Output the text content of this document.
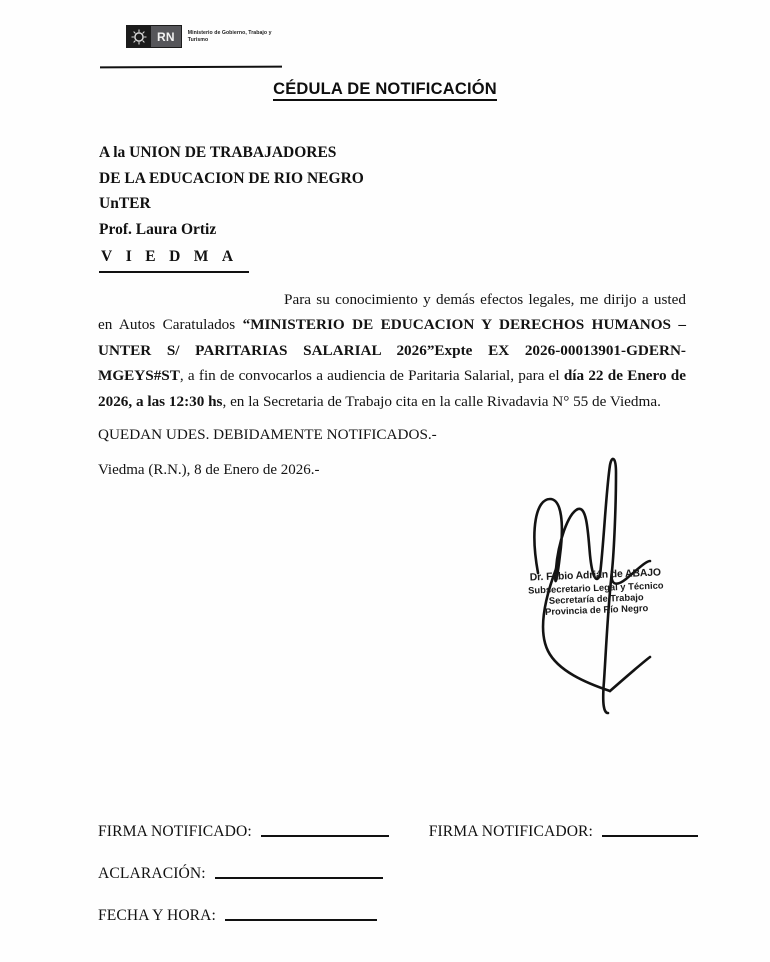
RN	Ministerio de Gobierno, Trabajo y Turismo
CÉDULA DE NOTIFICACIÓN
A la UNION DE TRABAJADORES
DE LA EDUCACION DE RIO NEGRO
UnTER
Prof. Laura Ortiz
VIEDMA
Para su conocimiento y demás efectos legales, me dirijo a usted en Autos Caratulados “MINISTERIO DE EDUCACION Y DERECHOS HUMANOS –UNTER S/ PARITARIAS SALARIAL 2026”Expte EX 2026-00013901-GDERN-MGEYS#ST, a fin de convocarlos a audiencia de Paritaria Salarial, para el día 22 de Enero de 2026, a las 12:30 hs, en la Secretaria de Trabajo cita en la calle Rivadavia N° 55 de Viedma.
QUEDAN UDES. DEBIDAMENTE NOTIFICADOS.-
Viedma (R.N.), 8 de Enero de 2026.-
Dr. Fabio Adrián de ABAJO
Subsecretario Legal y Técnico
Secretaría de Trabajo
Provincia de Río Negro
FIRMA NOTIFICADO:	FIRMA NOTIFICADOR:
ACLARACIÓN:
FECHA Y HORA:
